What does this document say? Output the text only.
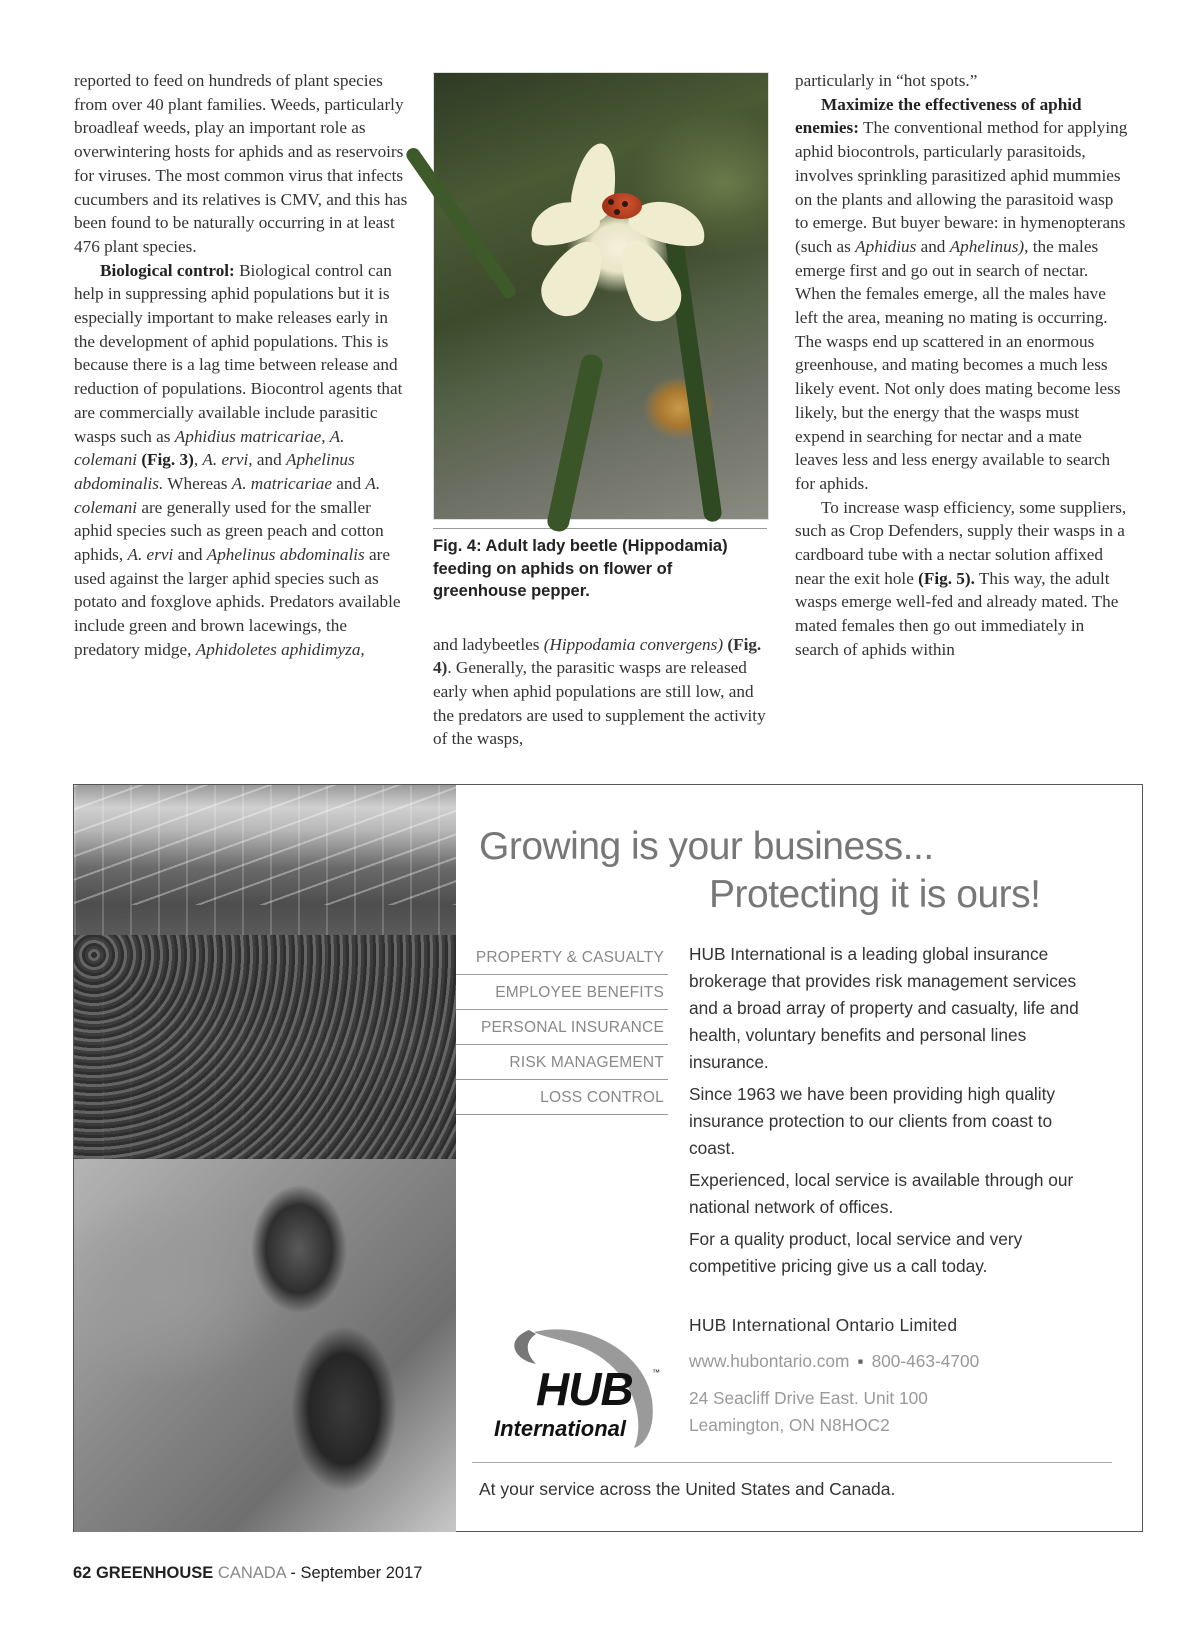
reported to feed on hundreds of plant species from over 40 plant families. Weeds, particularly broadleaf weeds, play an important role as overwintering hosts for aphids and as reservoirs for viruses. The most common virus that infects cucumbers and its relatives is CMV, and this has been found to be naturally occurring in at least 476 plant species.

Biological control: Biological control can help in suppressing aphid populations but it is especially important to make releases early in the development of aphid populations. This is because there is a lag time between release and reduction of populations. Biocontrol agents that are commercially available include parasitic wasps such as Aphidius matricariae, A. colemani (Fig. 3), A. ervi, and Aphelinus abdominalis. Whereas A. matricariae and A. colemani are generally used for the smaller aphid species such as green peach and cotton aphids, A. ervi and Aphelinus abdominalis are used against the larger aphid species such as potato and foxglove aphids. Predators available include green and brown lacewings, the predatory midge, Aphidoletes aphidimyza,

Fig. 4: Adult lady beetle (Hippodamia) feeding on aphids on flower of greenhouse pepper.

and ladybeetles (Hippodamia convergens) (Fig. 4). Generally, the parasitic wasps are released early when aphid populations are still low, and the predators are used to supplement the activity of the wasps,

particularly in “hot spots.”

Maximize the effectiveness of aphid enemies: The conventional method for applying aphid biocontrols, particularly parasitoids, involves sprinkling parasitized aphid mummies on the plants and allowing the parasitoid wasp to emerge. But buyer beware: in hymenopterans (such as Aphidius and Aphelinus), the males emerge first and go out in search of nectar. When the females emerge, all the males have left the area, meaning no mating is occurring. The wasps end up scattered in an enormous greenhouse, and mating becomes a much less likely event. Not only does mating become less likely, but the energy that the wasps must expend in searching for nectar and a mate leaves less and less energy available to search for aphids.

To increase wasp efficiency, some suppliers, such as Crop Defenders, supply their wasps in a cardboard tube with a nectar solution affixed near the exit hole (Fig. 5). This way, the adult wasps emerge well-fed and already mated. The mated females then go out immediately in search of aphids within

Growing is your business...
Protecting it is ours!
PROPERTY & CASUALTY
EMPLOYEE BENEFITS
PERSONAL INSURANCE
RISK MANAGEMENT
LOSS CONTROL

HUB International is a leading global insurance brokerage that provides risk management services and a broad array of property and casualty, life and health, voluntary benefits and personal lines insurance.

Since 1963 we have been providing high quality insurance protection to our clients from coast to coast.

Experienced, local service is available through our national network of offices.

For a quality product, local service and very competitive pricing give us a call today.

HUB ™
International
HUB International Ontario Limited
www.hubontario.com ▪ 800-463-4700
24 Seacliff Drive East. Unit 100
Leamington, ON N8HOC2
At your service across the United States and Canada.
62 GREENHOUSE CANADA - September 2017
